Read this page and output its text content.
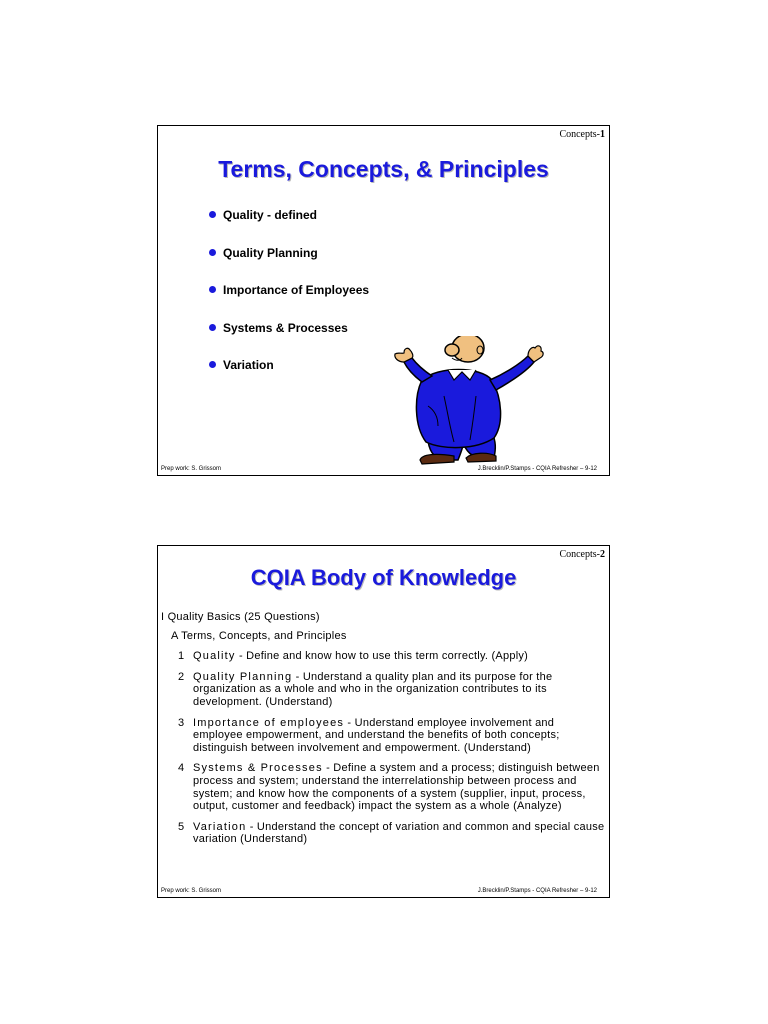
Concepts-1
Terms, Concepts, & Principles
Quality - defined
Quality Planning
Importance of Employees
Systems & Processes
Variation
Prep work: S. Grissom	J.Brecklin/P.Stamps - CQIA Refresher – 9-12
Concepts-2
CQIA Body of Knowledge
I Quality Basics (25 Questions)
A Terms, Concepts, and Principles
1 Quality - Define and know how to use this term correctly. (Apply)
2 Quality Planning - Understand a quality plan and its purpose for the organization as a whole and who in the organization contributes to its development. (Understand)
3 Importance of employees - Understand employee involvement and employee empowerment, and understand the benefits of both concepts; distinguish between involvement and empowerment. (Understand)
4 Systems & Processes - Define a system and a process; distinguish between process and system; understand the interrelationship between process and system; and know how the components of a system (supplier, input, process, output, customer and feedback) impact the system as a whole (Analyze)
5 Variation - Understand the concept of variation and common and special cause variation (Understand)
Prep work: S. Grissom	J.Brecklin/P.Stamps - CQIA Refresher – 9-12
